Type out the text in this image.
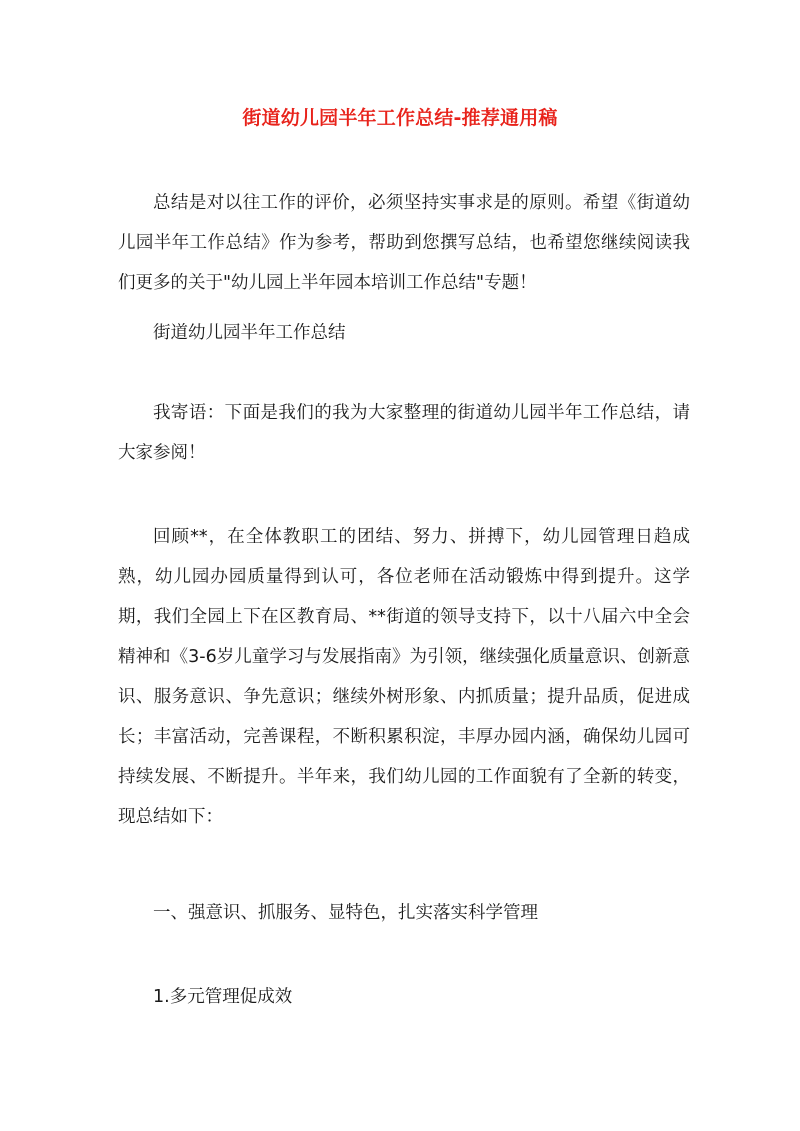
街道幼儿园半年工作总结-推荐通用稿

总结是对以往工作的评价，必须坚持实事求是的原则。希望《街道幼儿园半年工作总结》作为参考，帮助到您撰写总结，也希望您继续阅读我们更多的关于"幼儿园上半年园本培训工作总结"专题！

街道幼儿园半年工作总结

我寄语：下面是我们的我为大家整理的街道幼儿园半年工作总结，请大家参阅！

回顾**，在全体教职工的团结、努力、拼搏下，幼儿园管理日趋成熟，幼儿园办园质量得到认可，各位老师在活动锻炼中得到提升。这学期，我们全园上下在区教育局、**街道的领导支持下，以十八届六中全会精神和《3-6岁儿童学习与发展指南》为引领，继续强化质量意识、创新意识、服务意识、争先意识；继续外树形象、内抓质量；提升品质，促进成长；丰富活动，完善课程，不断积累积淀，丰厚办园内涵，确保幼儿园可持续发展、不断提升。半年来，我们幼儿园的工作面貌有了全新的转变，现总结如下：

一、强意识、抓服务、显特色，扎实落实科学管理

1.多元管理促成效
